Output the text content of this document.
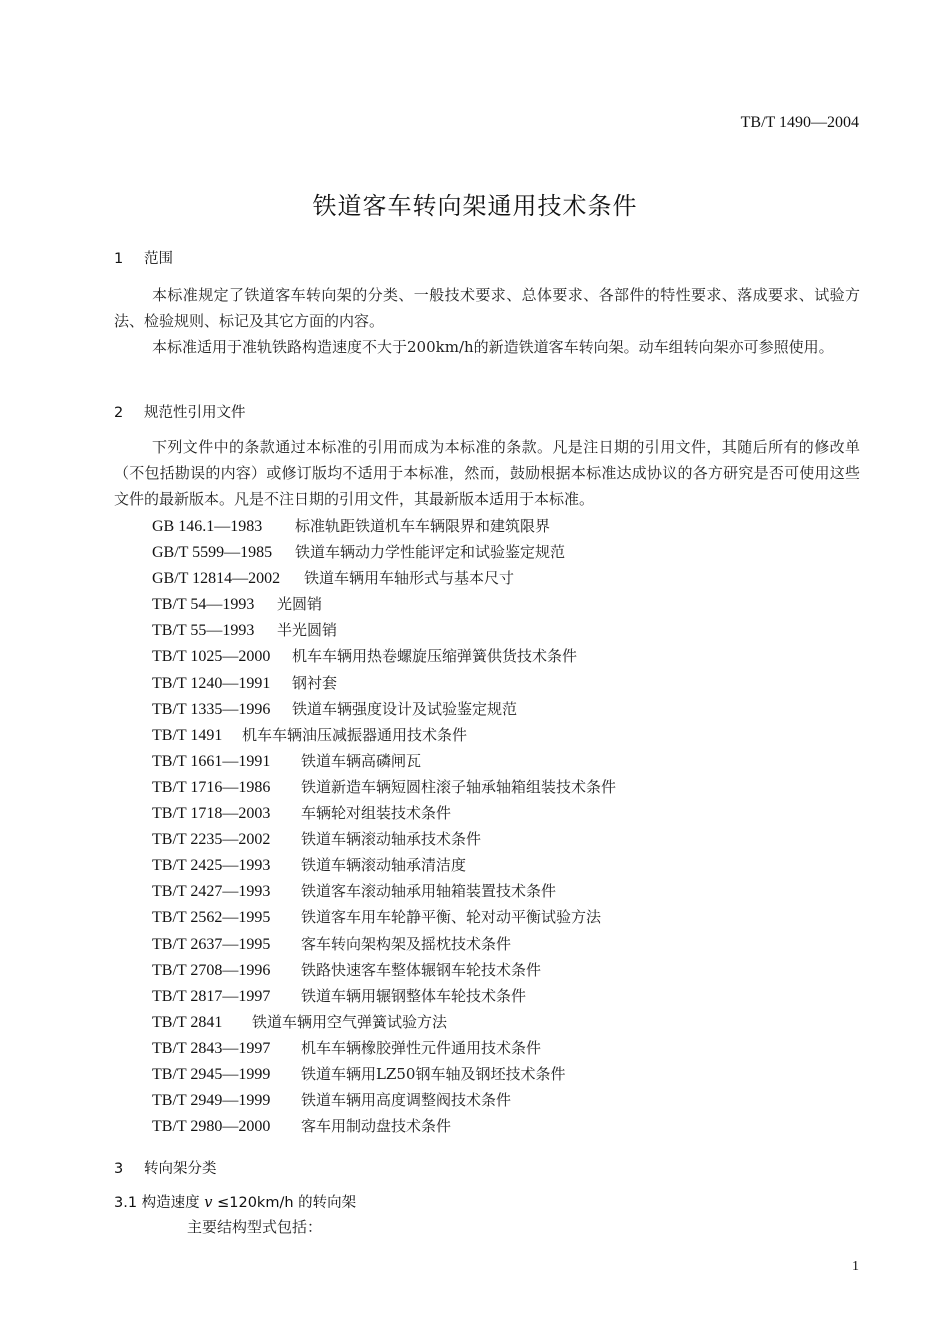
TB/T 1490—2004
铁道客车转向架通用技术条件
1 范围
本标准规定了铁道客车转向架的分类、一般技术要求、总体要求、各部件的特性要求、落成要求、试验方法、检验规则、标记及其它方面的内容。
本标准适用于准轨铁路构造速度不大于200km/h的新造铁道客车转向架。动车组转向架亦可参照使用。
2 规范性引用文件
下列文件中的条款通过本标准的引用而成为本标准的条款。凡是注日期的引用文件，其随后所有的修改单（不包括勘误的内容）或修订版均不适用于本标准，然而，鼓励根据本标准达成协议的各方研究是否可使用这些文件的最新版本。凡是不注日期的引用文件，其最新版本适用于本标准。
GB 146.1—1983 标准轨距铁道机车车辆限界和建筑限界
GB/T 5599—1985 铁道车辆动力学性能评定和试验鉴定规范
GB/T 12814—2002 铁道车辆用车轴形式与基本尺寸
TB/T 54—1993 光圆销
TB/T 55—1993 半光圆销
TB/T 1025—2000 机车车辆用热卷螺旋压缩弹簧供货技术条件
TB/T 1240—1991 钢衬套
TB/T 1335—1996 铁道车辆强度设计及试验鉴定规范
TB/T 1491 机车车辆油压减振器通用技术条件
TB/T 1661—1991 铁道车辆高磷闸瓦
TB/T 1716—1986 铁道新造车辆短圆柱滚子轴承轴箱组装技术条件
TB/T 1718—2003 车辆轮对组装技术条件
TB/T 2235—2002 铁道车辆滚动轴承技术条件
TB/T 2425—1993 铁道车辆滚动轴承清洁度
TB/T 2427—1993 铁道客车滚动轴承用轴箱装置技术条件
TB/T 2562—1995 铁道客车用车轮静平衡、轮对动平衡试验方法
TB/T 2637—1995 客车转向架构架及摇枕技术条件
TB/T 2708—1996 铁路快速客车整体辗钢车轮技术条件
TB/T 2817—1997 铁道车辆用辗钢整体车轮技术条件
TB/T 2841 铁道车辆用空气弹簧试验方法
TB/T 2843—1997 机车车辆橡胶弹性元件通用技术条件
TB/T 2945—1999 铁道车辆用LZ50钢车轴及钢坯技术条件
TB/T 2949—1999 铁道车辆用高度调整阀技术条件
TB/T 2980—2000 客车用制动盘技术条件
3 转向架分类
3.1 构造速度 v ≤120km/h 的转向架
主要结构型式包括：
1
